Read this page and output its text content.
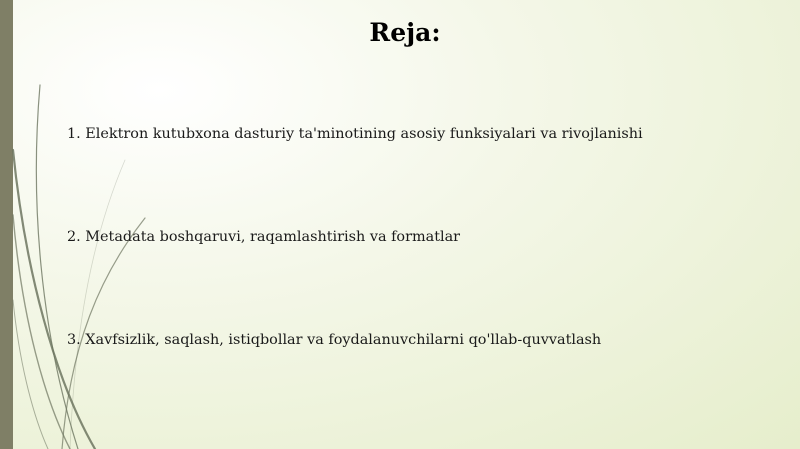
Reja:
1. Elektron kutubxona dasturiy ta'minotining asosiy funksiyalari va rivojlanishi
2. Metadata boshqaruvi, raqamlashtirish va formatlar
3. Xavfsizlik, saqlash, istiqbollar va foydalanuvchilarni qo'llab-quvvatlash
